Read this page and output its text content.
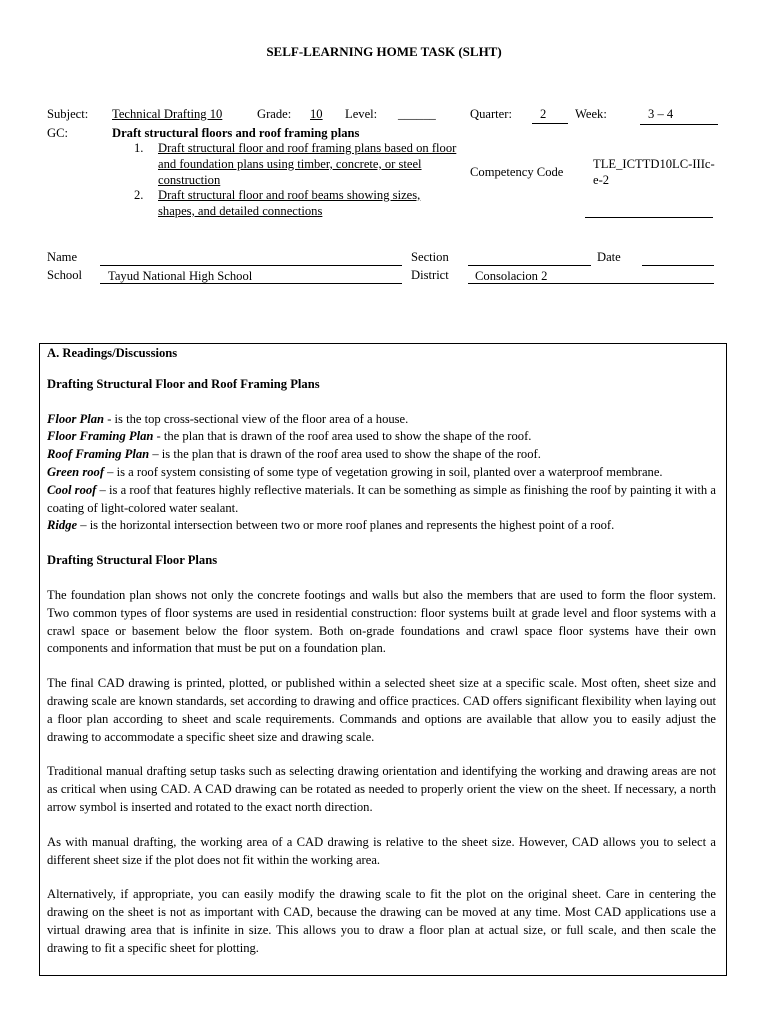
SELF-LEARNING HOME TASK (SLHT)
Subject: Technical Drafting 10	Grade: 10 Level: ______	Quarter: 2 Week:	3 – 4
GC:	Draft structural floors and roof framing plans
1. Draft structural floor and roof framing plans based on floor and foundation plans using timber, concrete, or steel construction
2. Draft structural floor and roof beams showing sizes, shapes, and detailed connections
Competency Code
TLE_ICTTD10LC-IIIc-e-2
Name	Section	Date
School Tayud National High School	District Consolacion 2

A. Readings/Discussions

Drafting Structural Floor and Roof Framing Plans

Floor Plan - is the top cross-sectional view of the floor area of a house.

Floor Framing Plan - the plan that is drawn of the roof area used to show the shape of the roof.

Roof Framing Plan – is the plan that is drawn of the roof area used to show the shape of the roof.

Green roof – is a roof system consisting of some type of vegetation growing in soil, planted over a waterproof membrane.

Cool roof – is a roof that features highly reflective materials. It can be something as simple as finishing the roof by painting it with a coating of light-colored water sealant.

Ridge – is the horizontal intersection between two or more roof planes and represents the highest point of a roof.

Drafting Structural Floor Plans

The foundation plan shows not only the concrete footings and walls but also the members that are used to form the floor system. Two common types of floor systems are used in residential construction: floor systems built at grade level and floor systems with a crawl space or basement below the floor system. Both on-grade foundations and crawl space floor systems have their own components and information that must be put on a foundation plan.

The final CAD drawing is printed, plotted, or published within a selected sheet size at a specific scale. Most often, sheet size and drawing scale are known standards, set according to drawing and office practices. CAD offers significant flexibility when laying out a floor plan according to sheet and scale requirements. Commands and options are available that allow you to easily adjust the drawing to accommodate a specific sheet size and drawing scale.

Traditional manual drafting setup tasks such as selecting drawing orientation and identifying the working and drawing areas are not as critical when using CAD. A CAD drawing can be rotated as needed to properly orient the view on the sheet. If necessary, a north arrow symbol is inserted and rotated to the exact north direction.

As with manual drafting, the working area of a CAD drawing is relative to the sheet size. However, CAD allows you to select a different sheet size if the plot does not fit within the working area.

Alternatively, if appropriate, you can easily modify the drawing scale to fit the plot on the original sheet. Care in centering the drawing on the sheet is not as important with CAD, because the drawing can be moved at any time. Most CAD applications use a virtual drawing area that is infinite in size. This allows you to draw a floor plan at actual size, or full scale, and then scale the drawing to fit a specific sheet for plotting.
